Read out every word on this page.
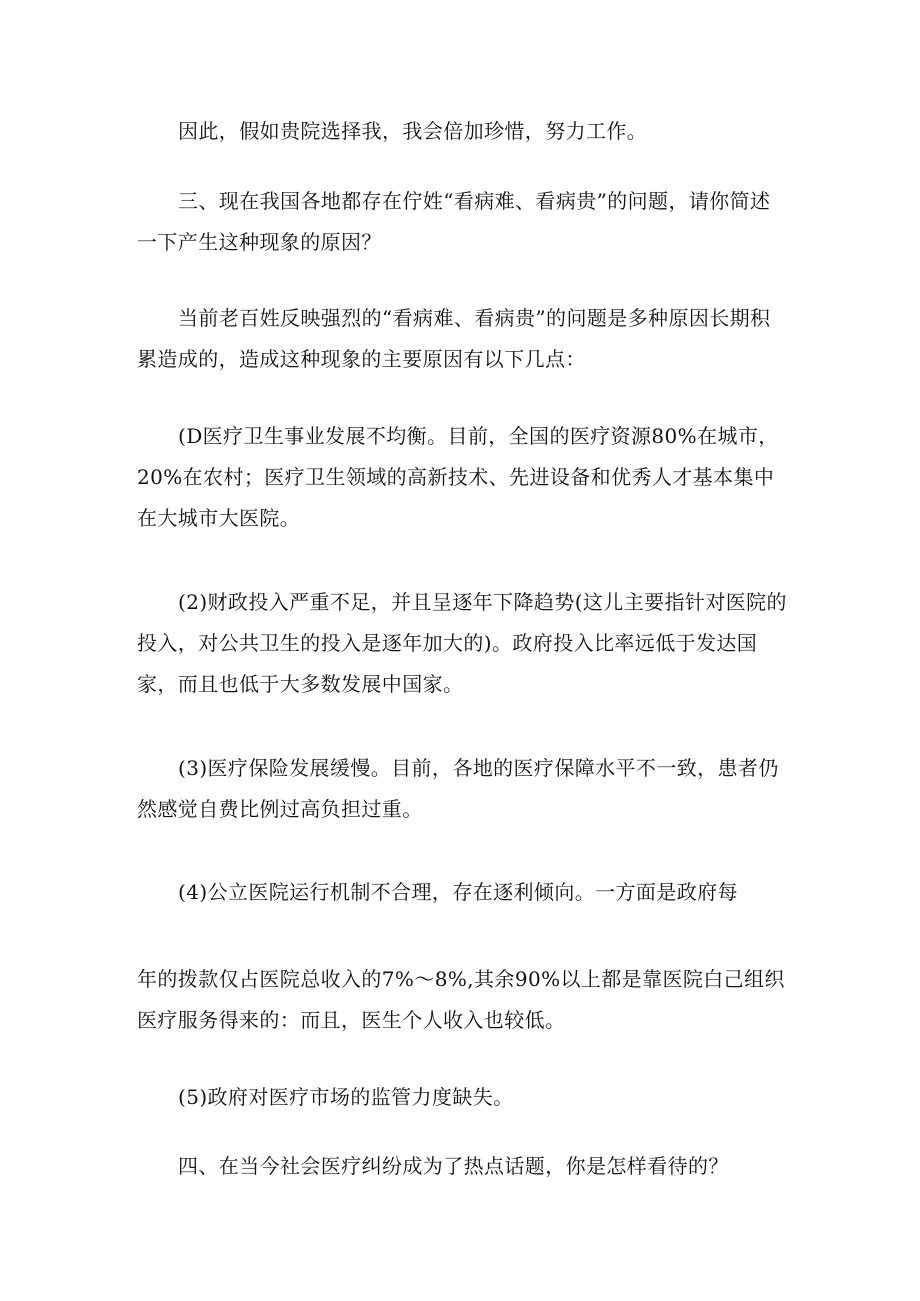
因此，假如贵院选择我，我会倍加珍惜，努力工作。

三、现在我国各地都存在佇姓“看病难、看病贵”的问题，请你简述一下产生这种现象的原因？

当前老百姓反映强烈的“看病难、看病贵”的问题是多种原因长期积累造成的，造成这种现象的主要原因有以下几点：

(D医疗卫生事业发展不均衡。目前，全国的医疗资源80%在城市，20%在农村；医疗卫生领域的高新技术、先进设备和优秀人才基本集中在大城市大医院。

(2)财政投入严重不足，并且呈逐年下降趋势(这儿主要指针对医院的投入，对公共卫生的投入是逐年加大的)。政府投入比率远低于发达国家，而且也低于大多数发展中国家。

(3)医疗保险发展缓慢。目前，各地的医疗保障水平不一致，患者仍然感觉自费比例过高负担过重。

(4)公立医院运行机制不合理，存在逐利倾向。一方面是政府每

年的拨款仅占医院总收入的7%～8%,其余90%以上都是靠医院白己组织医疗服务得来的：而且，医生个人收入也较低。

(5)政府对医疗市场的监管力度缺失。

四、在当今社会医疗纠纷成为了热点话题，你是怎样看待的？
